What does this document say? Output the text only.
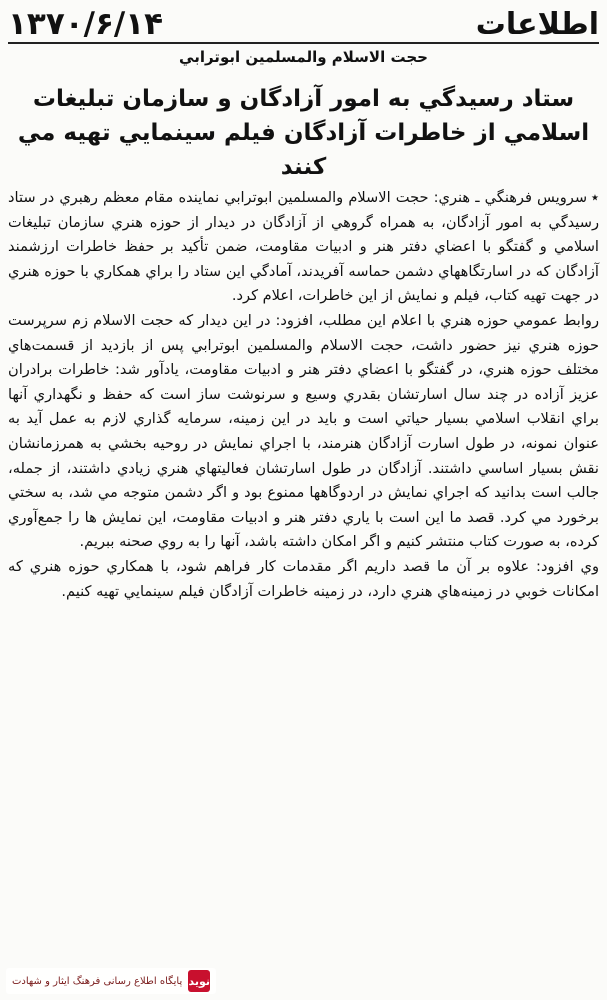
۱۳۷۰/۶/۱۴	اطلاعات
حجت الاسلام والمسلمين ابوترابي
ستاد رسيدگي به امور آزادگان و سازمان تبليغات اسلامي از خاطرات آزادگان فيلم سينمايي تهيه مي كنند

٭سرويس فرهنگي ـ هنري: حجت الاسلام والمسلمين ابوترابي نماينده مقام معظم رهبري در ستاد رسيدگي به امور آزادگان، به همراه گروهي از آزادگان در ديدار از حوزه هنري سازمان تبليغات اسلامي و گفتگو با اعضاي دفتر هنر و ادبيات مقاومت، ضمن تأكيد بر حفظ خاطرات ارزشمند آزادگان كه در اسارتگاههاي دشمن حماسه آفريدند، آمادگي اين ستاد را براي همكاري با حوزه هنري در جهت تهيه كتاب، فيلم و نمايش از اين خاطرات، اعلام كرد.

روابط عمومي حوزه هنري با اعلام اين مطلب، افزود: در اين ديدار كه حجت الاسلام زم سرپرست حوزه هنري نيز حضور داشت، حجت الاسلام والمسلمين ابوترابي پس از بازديد از قسمت‌هاي مختلف حوزه هنري، در گفتگو با اعضاي دفتر هنر و ادبيات مقاومت، يادآور شد: خاطرات برادران عزيز آزاده در چند سال اسارتشان بقدري وسيع و سرنوشت ساز است كه حفظ و نگهداري آنها براي انقلاب اسلامي بسيار حياتي است و بايد در اين زمينه، سرمايه گذاري لازم به عمل آيد به عنوان نمونه، در طول اسارت آزادگان هنرمند، با اجراي نمايش در روحيه بخشي به همرزمانشان نقش بسيار اساسي داشتند. آزادگان در طول اسارتشان فعاليتهاي هنري زيادي داشتند، از جمله، جالب است بدانيد كه اجراي نمايش در اردوگاهها ممنوع بود و اگر دشمن متوجه مي شد، به سختي برخورد مي كرد. قصد ما اين است با ياري دفتر هنر و ادبيات مقاومت، اين نمايش ها را جمع‌آوري كرده، به صورت كتاب منتشر كنيم و اگر امكان داشته باشد، آنها را به روي صحنه ببريم.

وي افزود: علاوه بر آن ما قصد داريم اگر مقدمات كار فراهم شود، با همكاري حوزه هنري كه امكانات خوبي در زمينه‌هاي هنري دارد، در زمينه خاطرات آزادگان فيلم سينمايي تهيه كنيم.

نوید
پایگاه اطلاع رسانی فرهنگ ایثار و شهادت
